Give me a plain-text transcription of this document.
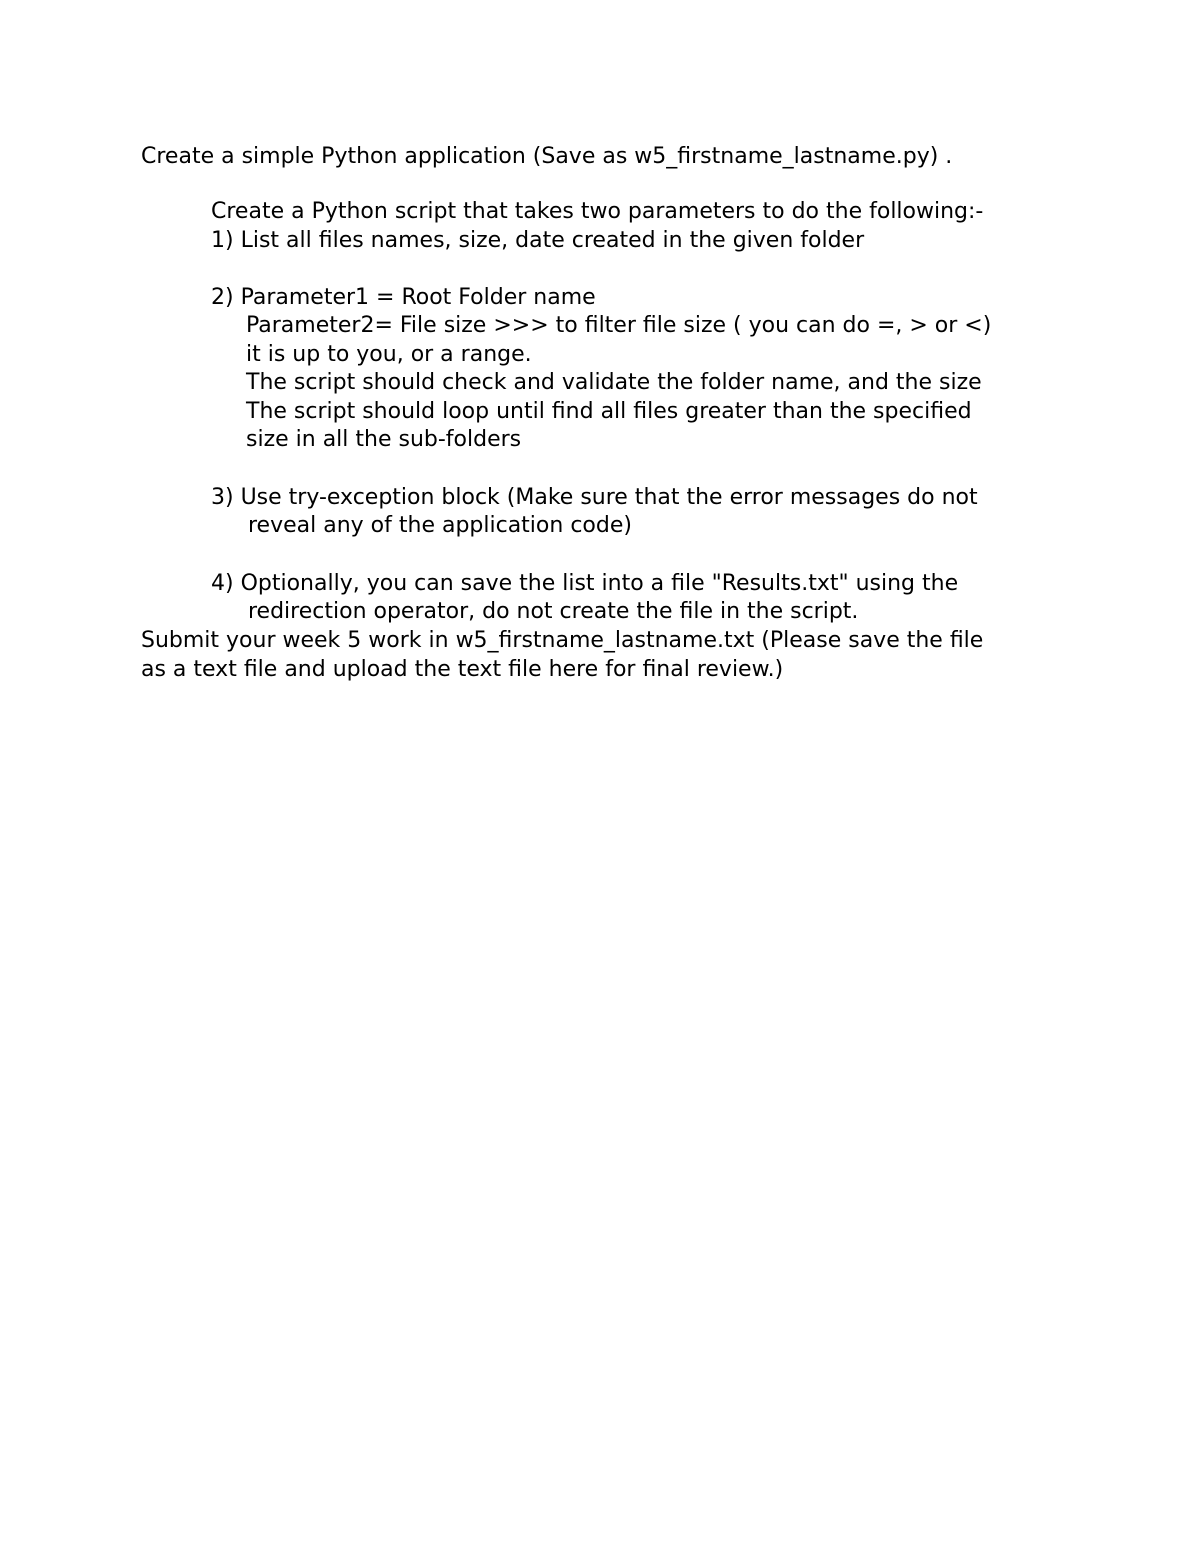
Create a simple Python application (Save as w5_firstname_lastname.py) .
Create a Python script that takes two parameters to do the following:-
1) List all files names, size, date created in the given folder
2) Parameter1 = Root Folder name
Parameter2= File size >>> to filter file size ( you can do =, > or <)
it is up to you, or a range.
The script should check and validate the folder name, and the size
The script should loop until find all files greater than the specified
size in all the sub-folders
3) Use try-exception block (Make sure that the error messages do not
reveal any of the application code)
4) Optionally, you can save the list into a file "Results.txt" using the
redirection operator, do not create the file in the script.
Submit your week 5 work in w5_firstname_lastname.txt (Please save the file
as a text file and upload the text file here for final review.)
